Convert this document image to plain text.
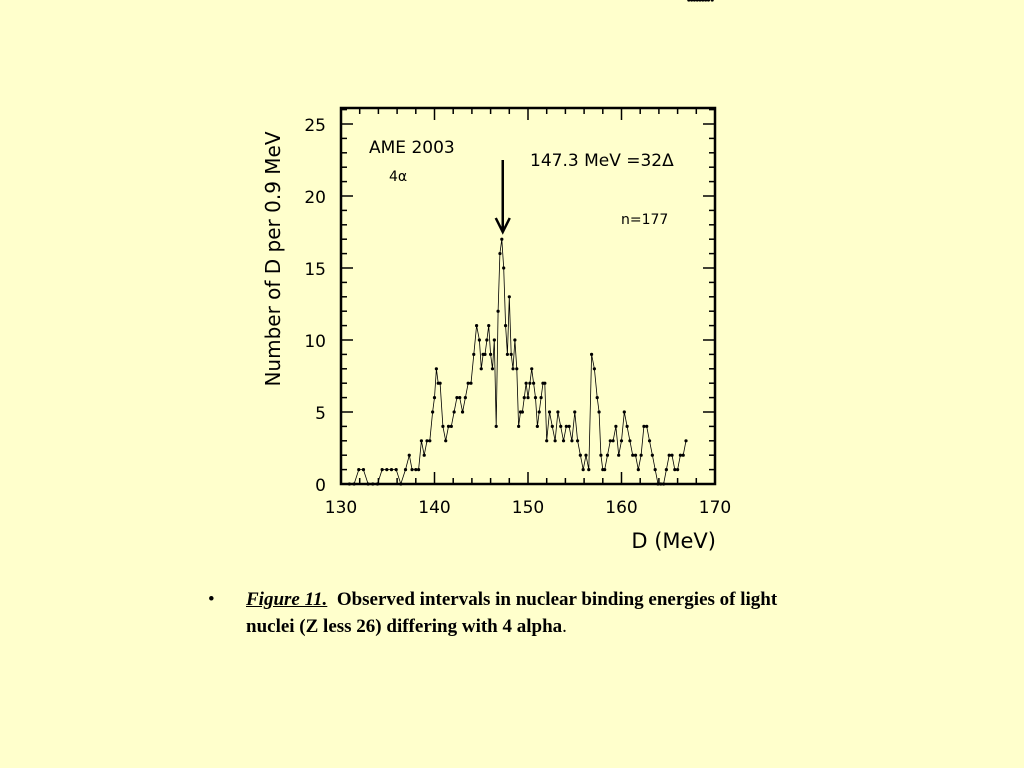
130	140	150	160	170
0
5
10
15
20
25
AME 2003
4α
147.3 MeV =32Δ
n=177
D (MeV)
Number of D per 0.9 MeV
• Figure 11. Observed intervals in nuclear binding energies of light nuclei (Z less 26) differing with 4 alpha.
